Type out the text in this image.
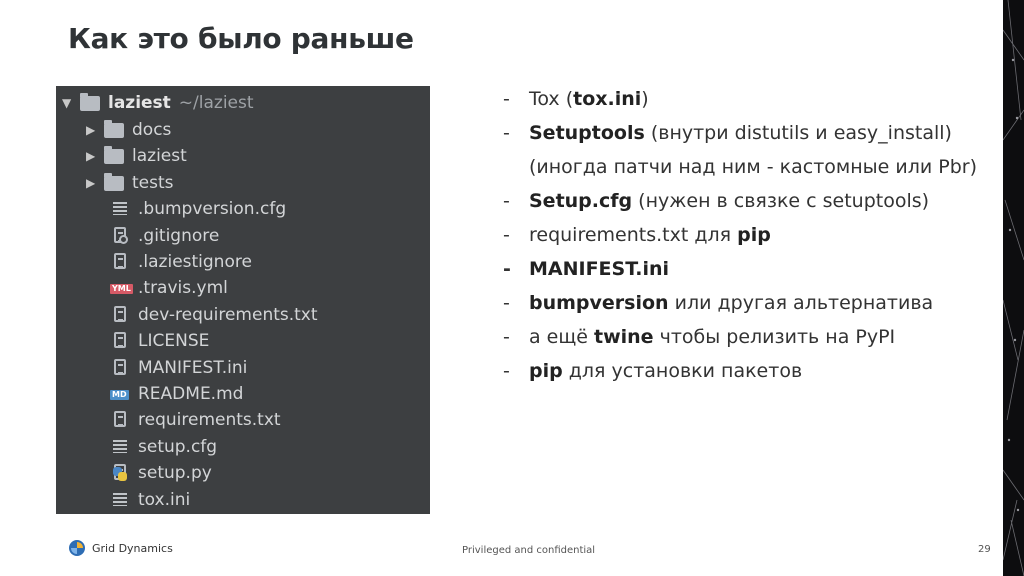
Как это было раньше
▼	laziest ~/laziest
▶	docs
▶	laziest
▶	tests
.bumpversion.cfg
.gitignore
.laziestignore
YML .travis.yml
dev-requirements.txt
LICENSE
MANIFEST.ini
MD README.md
requirements.txt
setup.cfg
setup.py
tox.ini
-	Tox (tox.ini)
-	Setuptools (внутри distutils и easy_install) (иногда патчи над ним - кастомные или Pbr)
-	Setup.cfg (нужен в связке с setuptools)
-	requirements.txt для pip
- MANIFEST.ini
-	bumpversion или другая альтернатива
-	а ещё twine чтобы релизить на PyPI
-	pip для установки пакетов
Grid Dynamics	Privileged and confidential	29
